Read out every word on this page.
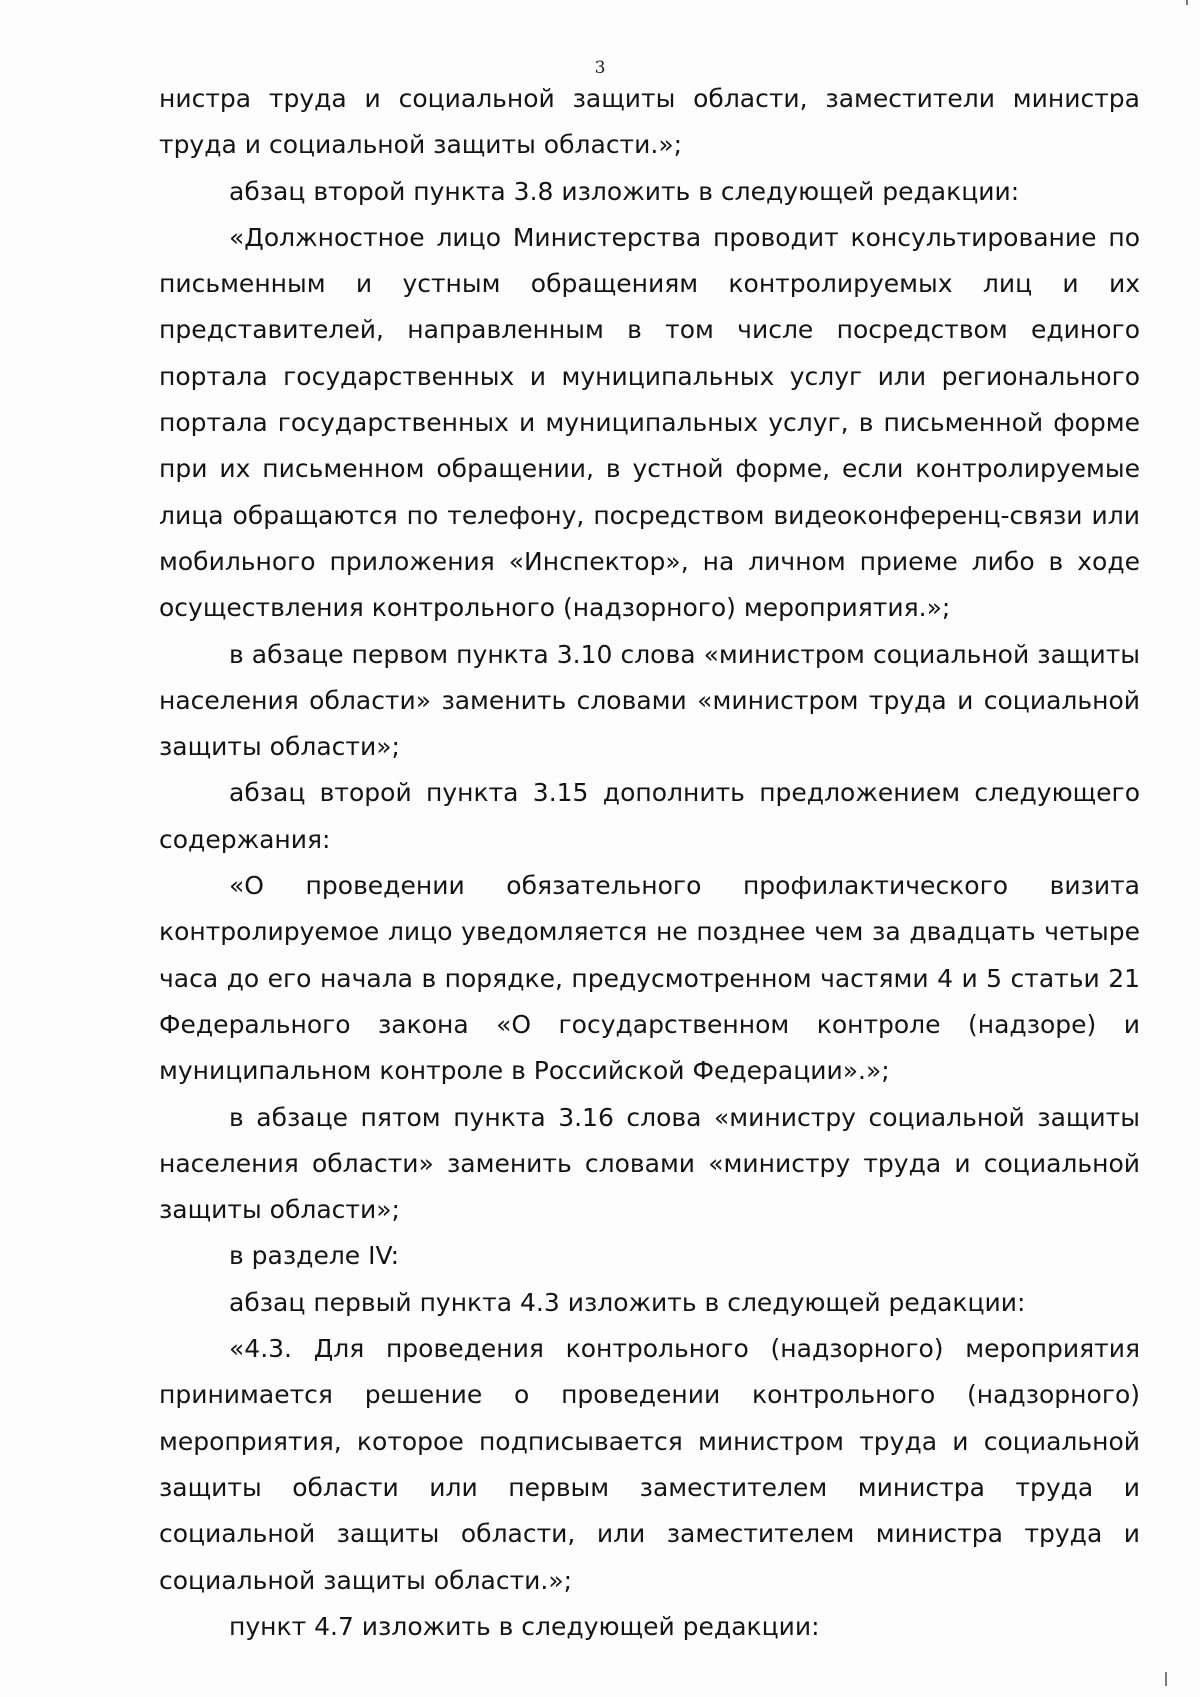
3

нистра труда и социальной защиты области, заместители министра труда и социальной защиты области.»;

абзац второй пункта 3.8 изложить в следующей редакции:

«Должностное лицо Министерства проводит консультирование по письменным и устным обращениям контролируемых лиц и их представителей, направленным в том числе посредством единого портала государственных и муниципальных услуг или регионального портала государственных и муниципальных услуг, в письменной форме при их письменном обращении, в устной форме, если контролируемые лица обращаются по телефону, посредством видеоконференц-связи или мобильного приложения «Инспектор», на личном приеме либо в ходе осуществления контрольного (надзорного) мероприятия.»;

в абзаце первом пункта 3.10 слова «министром социальной защиты населения области» заменить словами «министром труда и социальной защиты области»;

абзац второй пункта 3.15 дополнить предложением следующего содержания:

«О проведении обязательного профилактического визита контролируемое лицо уведомляется не позднее чем за двадцать четыре часа до его начала в порядке, предусмотренном частями 4 и 5 статьи 21 Федерального закона «О государственном контроле (надзоре) и муниципальном контроле в Российской Федерации».»;

в абзаце пятом пункта 3.16 слова «министру социальной защиты населения области» заменить словами «министру труда и социальной защиты области»;

в разделе IV:

абзац первый пункта 4.3 изложить в следующей редакции:

«4.3. Для проведения контрольного (надзорного) мероприятия принимается решение о проведении контрольного (надзорного) мероприятия, которое подписывается министром труда и социальной защиты области или первым заместителем министра труда и социальной защиты области, или заместителем министра труда и социальной защиты области.»;

пункт 4.7 изложить в следующей редакции:
